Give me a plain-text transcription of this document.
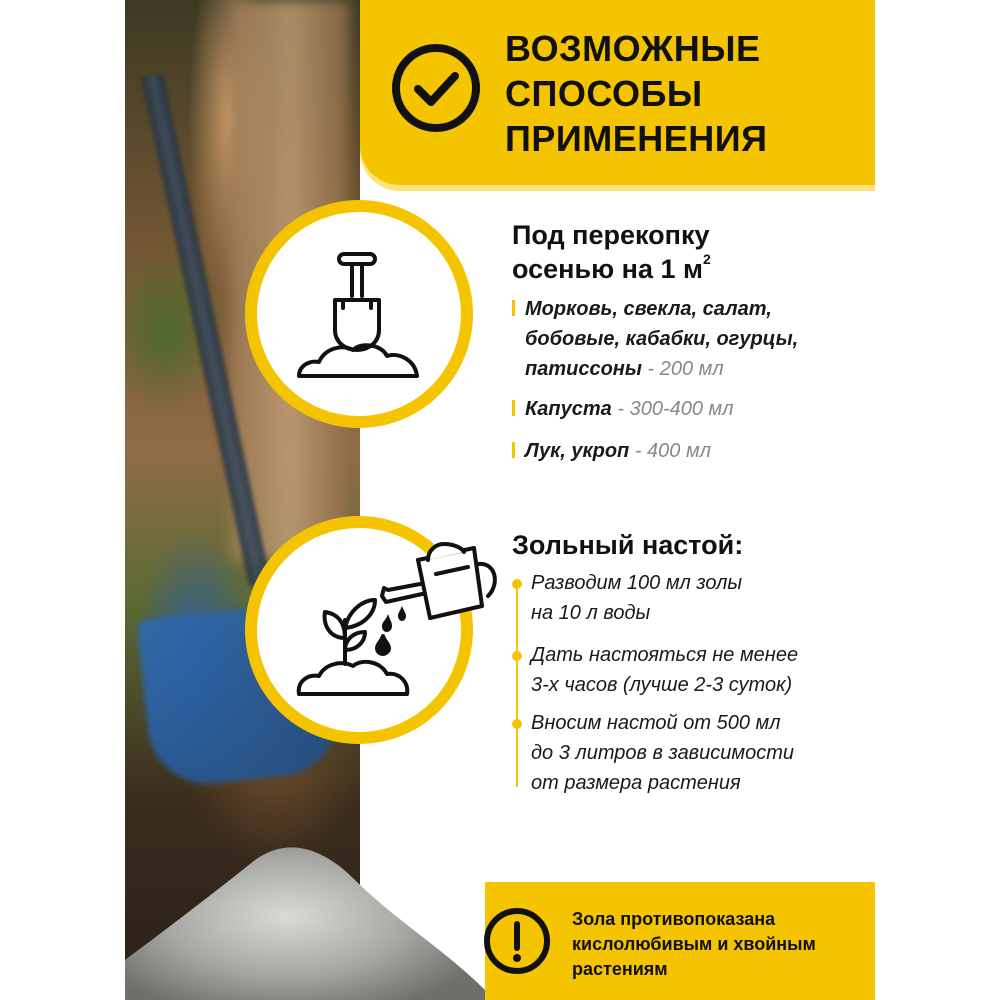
ВОЗМОЖНЫЕ
СПОСОБЫ
ПРИМЕНЕНИЯ
Под перекопку
осенью на 1 $м^2$
Морковь, свекла, салат, бобовые, кабабки, огурцы, патиссоны - 200 мл
Капуста - 300-400 мл
Лук, укроп - 400 мл
Зольный настой:
Разводим 100 мл золы
на 10 л воды
Дать настояться не менее
3-х часов (лучше 2-3 суток)
Вносим настой от 500 мл
до 3 литров в зависимости
от размера растения
Зола противопоказана
кислолюбивым и хвойным
растениям
